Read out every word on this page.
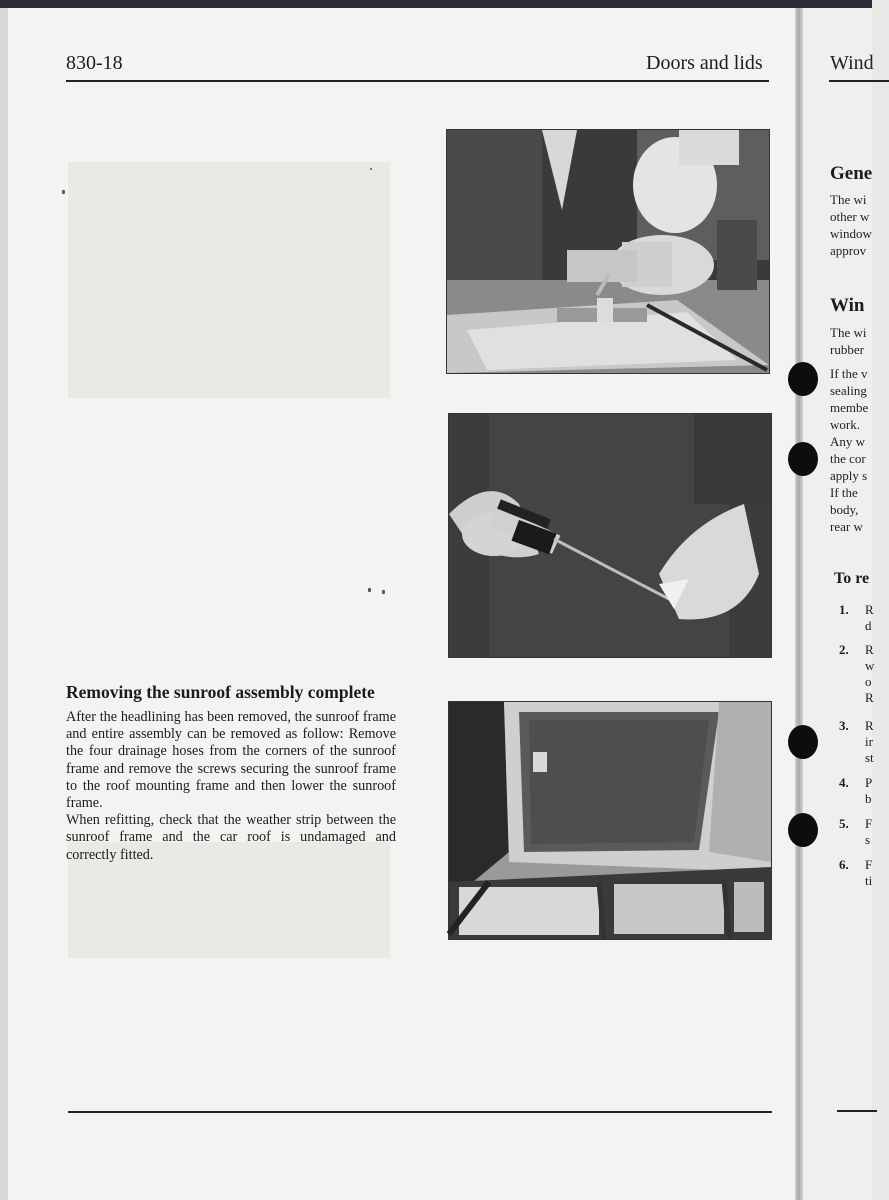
830-18	Doors and lids
Removing the sunroof assembly complete

After the headlining has been removed, the sunroof frame and entire assembly can be removed as follow: Remove the four drainage hoses from the corners of the sunroof frame and remove the screws securing the sunroof frame to the roof mounting frame and then lower the sunroof frame.

When refitting, check that the weather strip between the sunroof frame and the car roof is undamaged and correctly fitted.

Wind
Gene
The wi
other w
window
approv
Win
The wi
rubber
If the v
sealing
membe
work.
Any w
the cor
apply s
If the
body,
rear w
To re
1. R
d
2. R
w
o
R
3. R
ir
st
4. P
b
5. F
s
6. F
ti
